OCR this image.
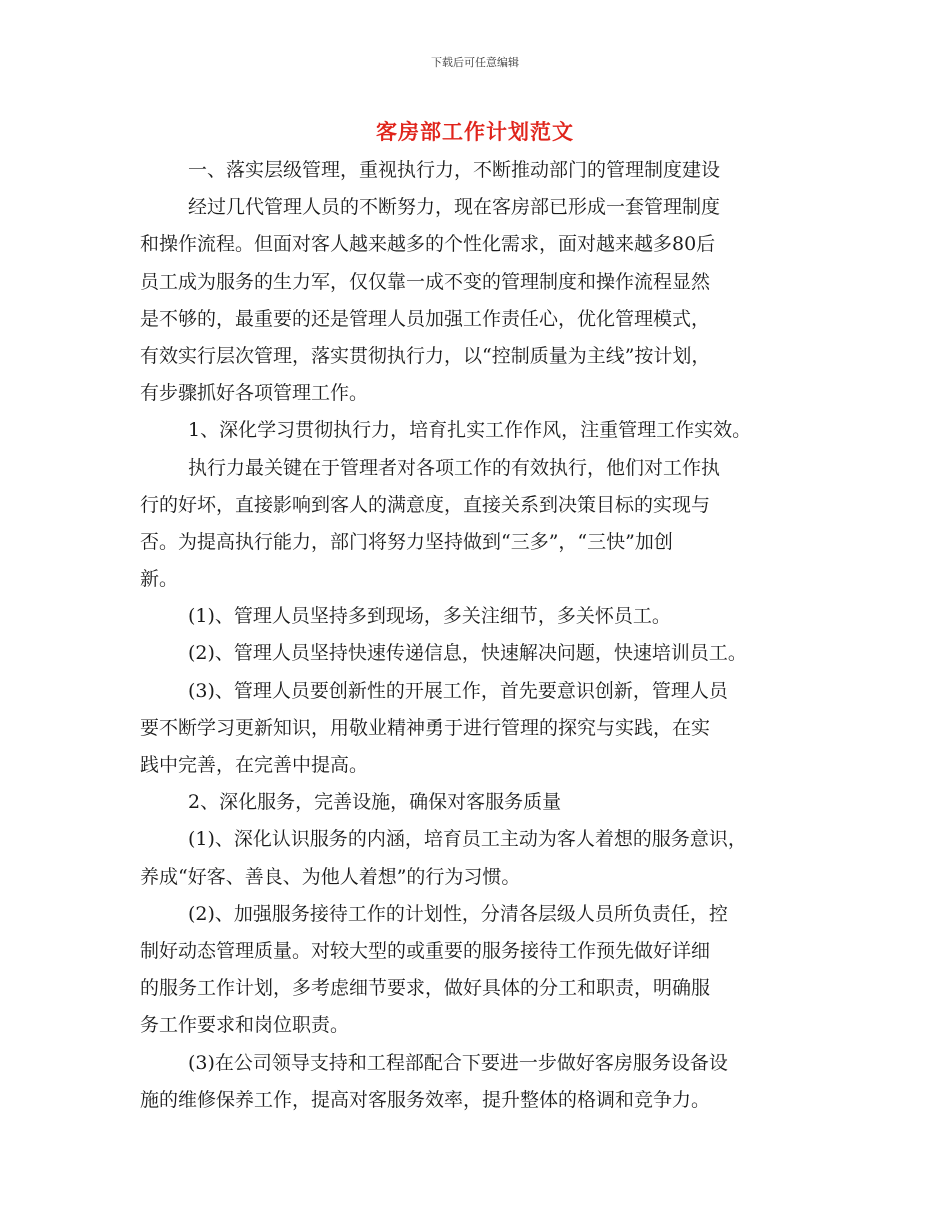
下载后可任意编辑
客房部工作计划范文
一、落实层级管理，重视执行力，不断推动部门的管理制度建设
经过几代管理人员的不断努力，现在客房部已形成一套管理制度
和操作流程。但面对客人越来越多的个性化需求，面对越来越多80后
员工成为服务的生力军，仅仅靠一成不变的管理制度和操作流程显然
是不够的，最重要的还是管理人员加强工作责任心，优化管理模式，
有效实行层次管理，落实贯彻执行力，以“控制质量为主线”按计划，
有步骤抓好各项管理工作。
1、深化学习贯彻执行力，培育扎实工作作风，注重管理工作实效。
执行力最关键在于管理者对各项工作的有效执行，他们对工作执
行的好坏，直接影响到客人的满意度，直接关系到决策目标的实现与
否。为提高执行能力，部门将努力坚持做到“三多”，“三快”加创
新。
(1)、管理人员坚持多到现场，多关注细节，多关怀员工。
(2)、管理人员坚持快速传递信息，快速解决问题，快速培训员工。
(3)、管理人员要创新性的开展工作，首先要意识创新，管理人员
要不断学习更新知识，用敬业精神勇于进行管理的探究与实践，在实
践中完善，在完善中提高。
2、深化服务，完善设施，确保对客服务质量
(1)、深化认识服务的内涵，培育员工主动为客人着想的服务意识，
养成“好客、善良、为他人着想”的行为习惯。
(2)、加强服务接待工作的计划性，分清各层级人员所负责任，控
制好动态管理质量。对较大型的或重要的服务接待工作预先做好详细
的服务工作计划，多考虑细节要求，做好具体的分工和职责，明确服
务工作要求和岗位职责。
(3)在公司领导支持和工程部配合下要进一步做好客房服务设备设
施的维修保养工作，提高对客服务效率，提升整体的格调和竞争力。
